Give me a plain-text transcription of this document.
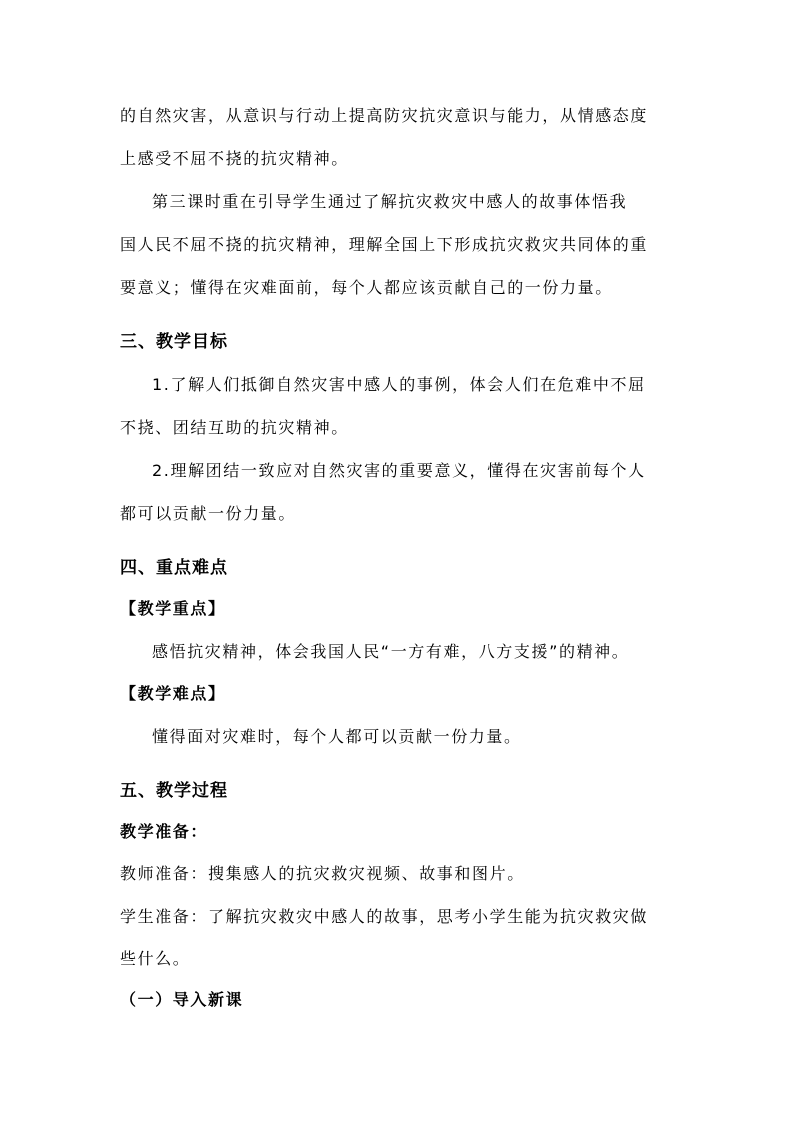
的自然灾害，从意识与行动上提高防灾抗灾意识与能力，从情感态度
上感受不屈不挠的抗灾精神。
第三课时重在引导学生通过了解抗灾救灾中感人的故事体悟我
国人民不屈不挠的抗灾精神，理解全国上下形成抗灾救灾共同体的重
要意义；懂得在灾难面前，每个人都应该贡献自己的一份力量。
三、教学目标
1.了解人们抵御自然灾害中感人的事例，体会人们在危难中不屈
不挠、团结互助的抗灾精神。
2.理解团结一致应对自然灾害的重要意义，懂得在灾害前每个人
都可以贡献一份力量。
四、重点难点
【教学重点】
感悟抗灾精神，体会我国人民“一方有难，八方支援”的精神。
【教学难点】
懂得面对灾难时，每个人都可以贡献一份力量。
五、教学过程
教学准备：
教师准备：搜集感人的抗灾救灾视频、故事和图片。
学生准备：了解抗灾救灾中感人的故事，思考小学生能为抗灾救灾做
些什么。
（一）导入新课
